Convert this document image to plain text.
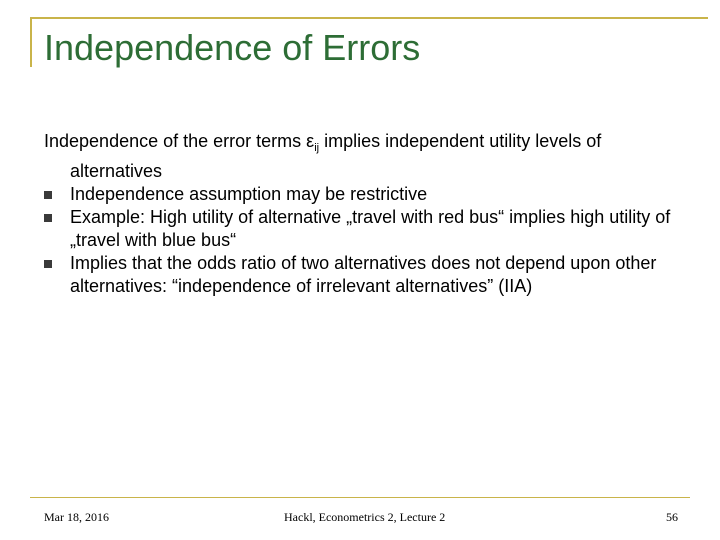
Independence of Errors

Independence of the error terms $\varepsilon_{ij}$ implies independent utility levels of alternatives

Independence assumption may be restrictive
Example: High utility of alternative „travel with red bus“ implies high utility of „travel with blue bus“
Implies that the odds ratio of two alternatives does not depend upon other alternatives: “independence of irrelevant alternatives” (IIA)
Mar 18, 2016	Hackl, Econometrics 2, Lecture 2	56
